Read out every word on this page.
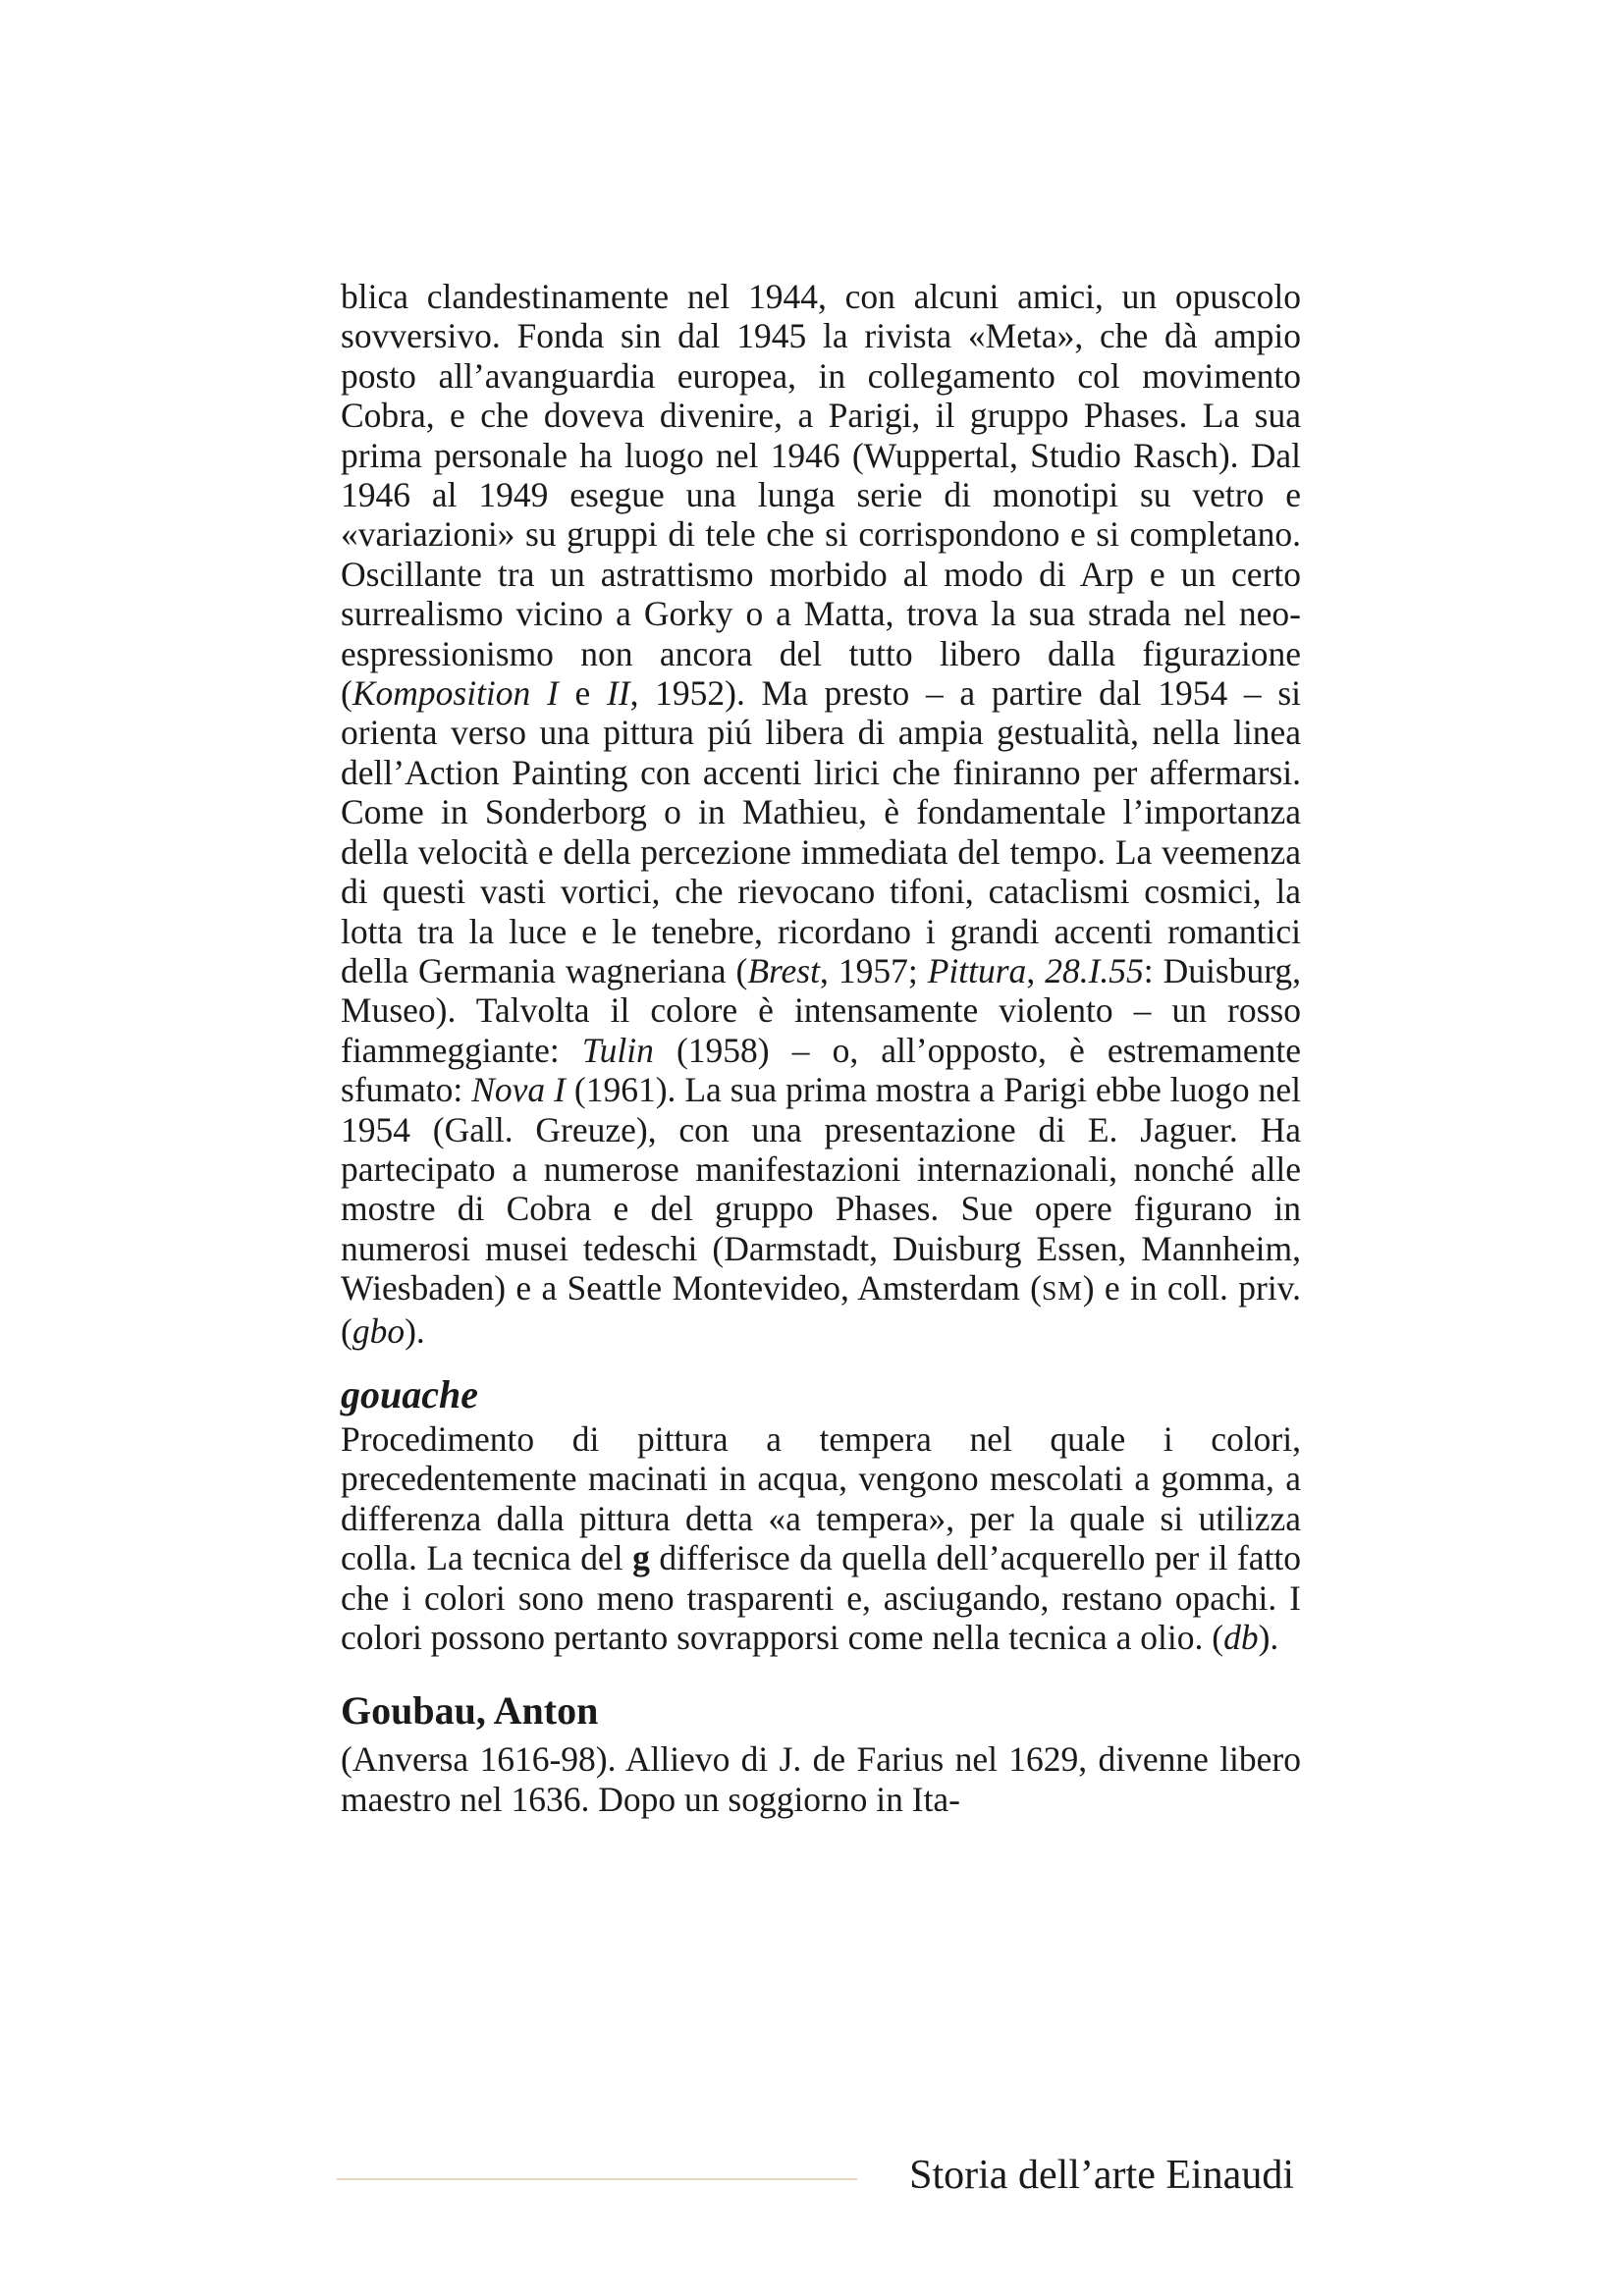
blica clandestinamente nel 1944, con alcuni amici, un opuscolo sovversivo. Fonda sin dal 1945 la rivista «Meta», che dà ampio posto all’avanguardia europea, in collegamento col movimento Cobra, e che doveva divenire, a Parigi, il gruppo Phases. La sua prima personale ha luogo nel 1946 (Wuppertal, Studio Rasch). Dal 1946 al 1949 esegue una lunga serie di monotipi su vetro e «variazioni» su gruppi di tele che si corrispondono e si completano. Oscillante tra un astrattismo morbido al modo di Arp e un certo surrealismo vicino a Gorky o a Matta, trova la sua strada nel neo-espressionismo non ancora del tutto libero dalla figurazione (Komposition I e II, 1952). Ma presto – a partire dal 1954 – si orienta verso una pittura piú libera di ampia gestualità, nella linea dell’Action Painting con accenti lirici che finiranno per affermarsi. Come in Sonderborg o in Mathieu, è fondamentale l’importanza della velocità e della percezione immediata del tempo. La veemenza di questi vasti vortici, che rievocano tifoni, cataclismi cosmici, la lotta tra la luce e le tenebre, ricordano i grandi accenti romantici della Germania wagneriana (Brest, 1957; Pittura, 28.I.55: Duisburg, Museo). Talvolta il colore è intensamente violento – un rosso fiammeggiante: Tulin (1958) – o, all’opposto, è estremamente sfumato: Nova I (1961). La sua prima mostra a Parigi ebbe luogo nel 1954 (Gall. Greuze), con una presentazione di E. Jaguer. Ha partecipato a numerose manifestazioni internazionali, nonché alle mostre di Cobra e del gruppo Phases. Sue opere figurano in numerosi musei tedeschi (Darmstadt, Duisburg Essen, Mannheim, Wiesbaden) e a Seattle Montevideo, Amsterdam (SM) e in coll. priv. (gbo).

gouache

Procedimento di pittura a tempera nel quale i colori, precedentemente macinati in acqua, vengono mescolati a gomma, a differenza dalla pittura detta «a tempera», per la quale si utilizza colla. La tecnica del g differisce da quella dell’acquerello per il fatto che i colori sono meno trasparenti e, asciugando, restano opachi. I colori possono pertanto sovrapporsi come nella tecnica a olio. (db).

Goubau, Anton

(Anversa 1616-98). Allievo di J. de Farius nel 1629, divenne libero maestro nel 1636. Dopo un soggiorno in Ita-

Storia dell’arte Einaudi
